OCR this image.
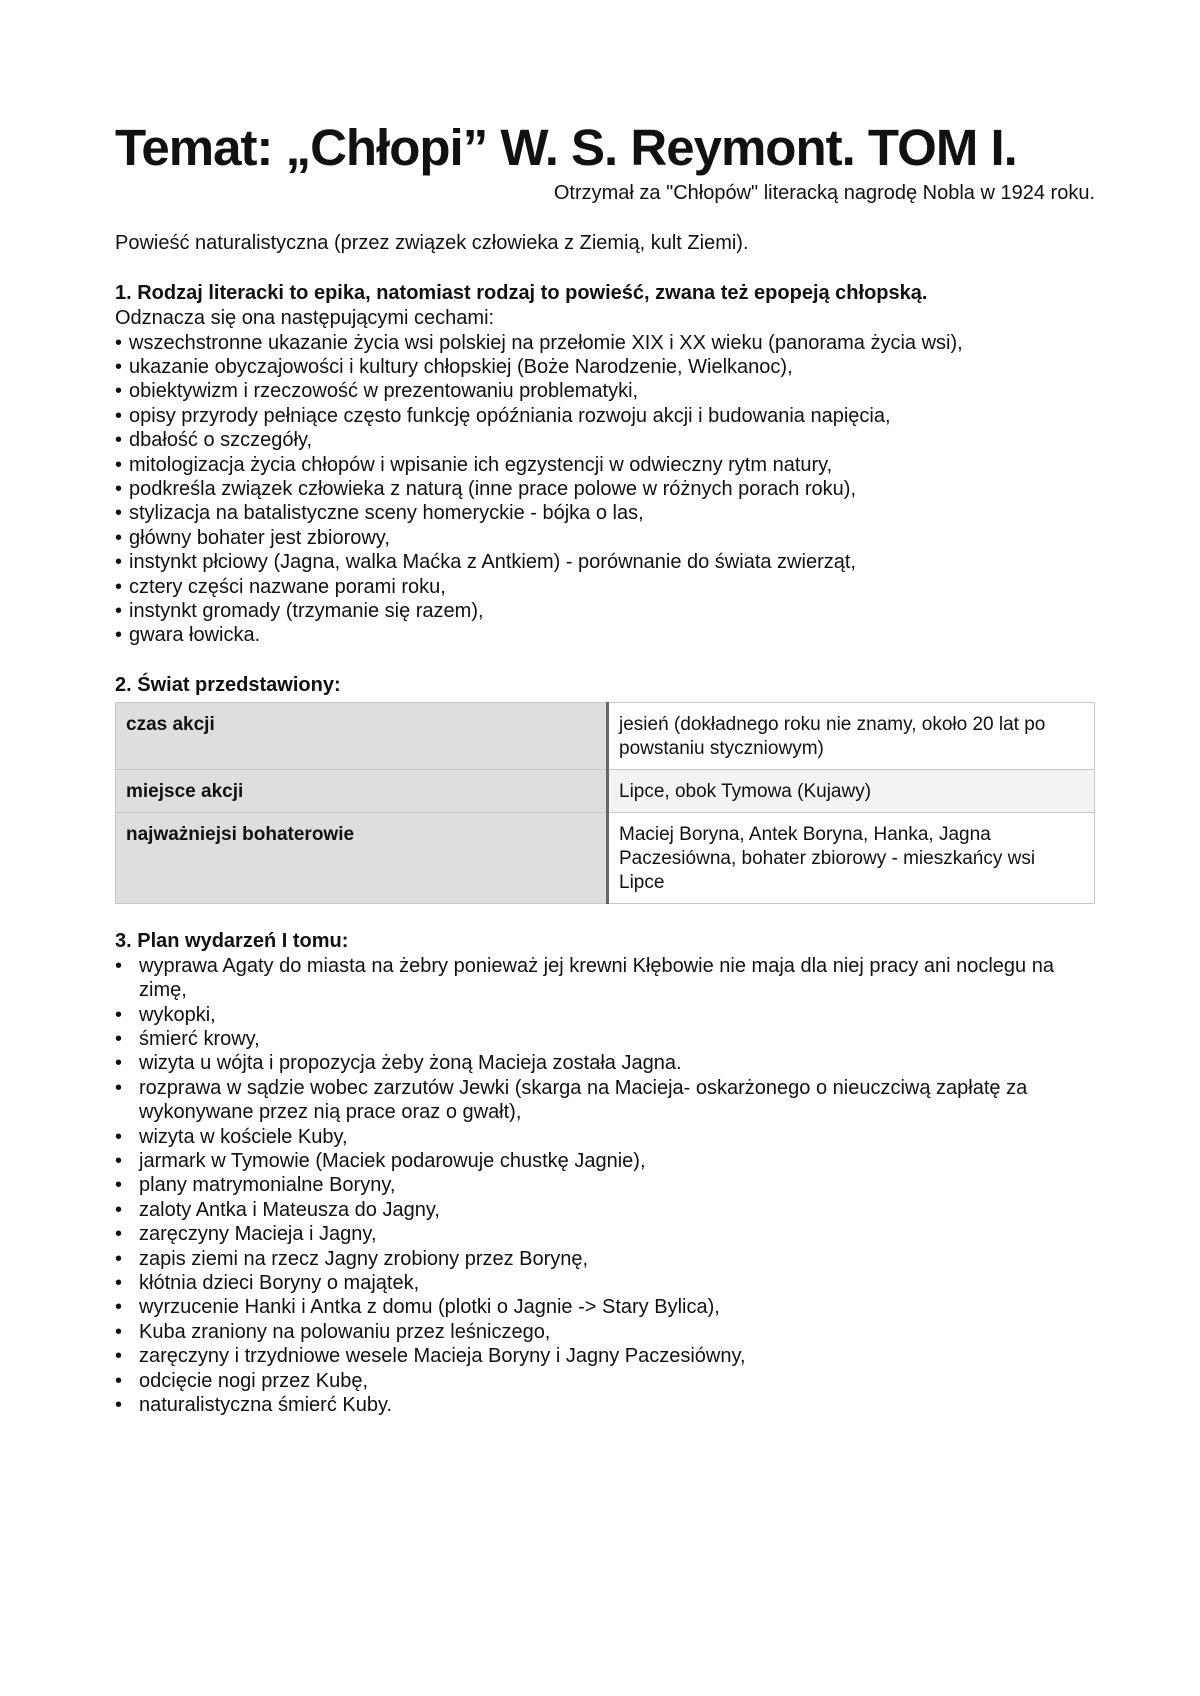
Temat: „Chłopi” W. S. Reymont. TOM I.

Otrzymał za "Chłopów" literacką nagrodę Nobla w 1924 roku.

Powieść naturalistyczna (przez związek człowieka z Ziemią, kult Ziemi).

1. Rodzaj literacki to epika, natomiast rodzaj to powieść, zwana też epopeją chłopską.
Odznacza się ona następującymi cechami:
• wszechstronne ukazanie życia wsi polskiej na przełomie XIX i XX wieku (panorama życia wsi),
• ukazanie obyczajowości i kultury chłopskiej (Boże Narodzenie, Wielkanoc),
• obiektywizm i rzeczowość w prezentowaniu problematyki,
• opisy przyrody pełniące często funkcję opóźniania rozwoju akcji i budowania napięcia,
• dbałość o szczegóły,
• mitologizacja życia chłopów i wpisanie ich egzystencji w odwieczny rytm natury,
• podkreśla związek człowieka z naturą (inne prace polowe w różnych porach roku),
• stylizacja na batalistyczne sceny homeryckie - bójka o las,
• główny bohater jest zbiorowy,
• instynkt płciowy (Jagna, walka Maćka z Antkiem) - porównanie do świata zwierząt,
• cztery części nazwane porami roku,
• instynkt gromady (trzymanie się razem),
• gwara łowicka.
2. Świat przedstawiony:
czas akcji	jesień (dokładnego roku nie znamy, około 20 lat po powstaniu styczniowym)
miejsce akcji	Lipce, obok Tymowa (Kujawy)
najważniejsi bohaterowie	Maciej Boryna, Antek Boryna, Hanka, Jagna Paczesiówna, bohater zbiorowy - mieszkańcy wsi Lipce
3. Plan wydarzeń I tomu:
• wyprawa Agaty do miasta na żebry ponieważ jej krewni Kłębowie nie maja dla niej pracy ani noclegu na zimę,
• wykopki,
• śmierć krowy,
• wizyta u wójta i propozycja żeby żoną Macieja została Jagna.
• rozprawa w sądzie wobec zarzutów Jewki (skarga na Macieja- oskarżonego o nieuczciwą zapłatę za wykonywane przez nią prace oraz o gwałt),
• wizyta w kościele Kuby,
• jarmark w Tymowie (Maciek podarowuje chustkę Jagnie),
• plany matrymonialne Boryny,
• zaloty Antka i Mateusza do Jagny,
• zaręczyny Macieja i Jagny,
• zapis ziemi na rzecz Jagny zrobiony przez Borynę,
• kłótnia dzieci Boryny o majątek,
• wyrzucenie Hanki i Antka z domu (plotki o Jagnie -> Stary Bylica),
• Kuba zraniony na polowaniu przez leśniczego,
• zaręczyny i trzydniowe wesele Macieja Boryny i Jagny Paczesiówny,
• odcięcie nogi przez Kubę,
• naturalistyczna śmierć Kuby.
